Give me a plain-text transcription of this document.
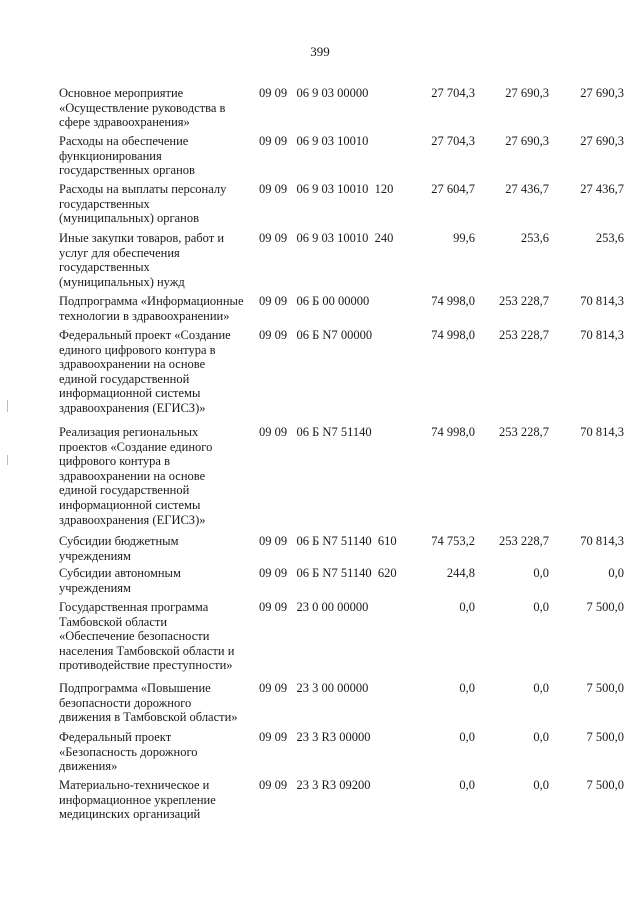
399
Основное мероприятие
«Осуществление руководства в
сфере здравоохранения»
09 09   06 9 03 00000	27 704,3	27 690,3	27 690,3
Расходы на обеспечение
функционирования
государственных органов
09 09   06 9 03 10010	27 704,3	27 690,3	27 690,3
Расходы на выплаты персоналу
государственных
(муниципальных) органов
09 09   06 9 03 10010  120	27 604,7	27 436,7	27 436,7
Иные закупки товаров, работ и
услуг для обеспечения
государственных
(муниципальных) нужд
09 09   06 9 03 10010  240	99,6	253,6	253,6
Подпрограмма «Информационные
технологии в здравоохранении»
09 09   06 Б 00 00000	74 998,0	253 228,7	70 814,3
Федеральный проект «Создание
единого цифрового контура в
здравоохранении на основе
единой государственной
информационной системы
здравоохранения (ЕГИСЗ)»
09 09   06 Б N7 00000	74 998,0	253 228,7	70 814,3
Реализация региональных
проектов «Создание единого
цифрового контура в
здравоохранении на основе
единой государственной
информационной системы
здравоохранения (ЕГИСЗ)»
09 09   06 Б N7 51140	74 998,0	253 228,7	70 814,3
Субсидии бюджетным
учреждениям
09 09   06 Б N7 51140  610	74 753,2	253 228,7	70 814,3
Субсидии автономным
учреждениям
09 09   06 Б N7 51140  620	244,8	0,0	0,0
Государственная программа
Тамбовской области
«Обеспечение безопасности
населения Тамбовской области и
противодействие преступности»
09 09   23 0 00 00000	0,0	0,0	7 500,0
Подпрограмма «Повышение
безопасности дорожного
движения в Тамбовской области»
09 09   23 3 00 00000	0,0	0,0	7 500,0
Федеральный проект
«Безопасность дорожного
движения»
09 09   23 3 R3 00000	0,0	0,0	7 500,0
Материально-техническое и
информационное укрепление
медицинских организаций
09 09   23 3 R3 09200	0,0	0,0	7 500,0
